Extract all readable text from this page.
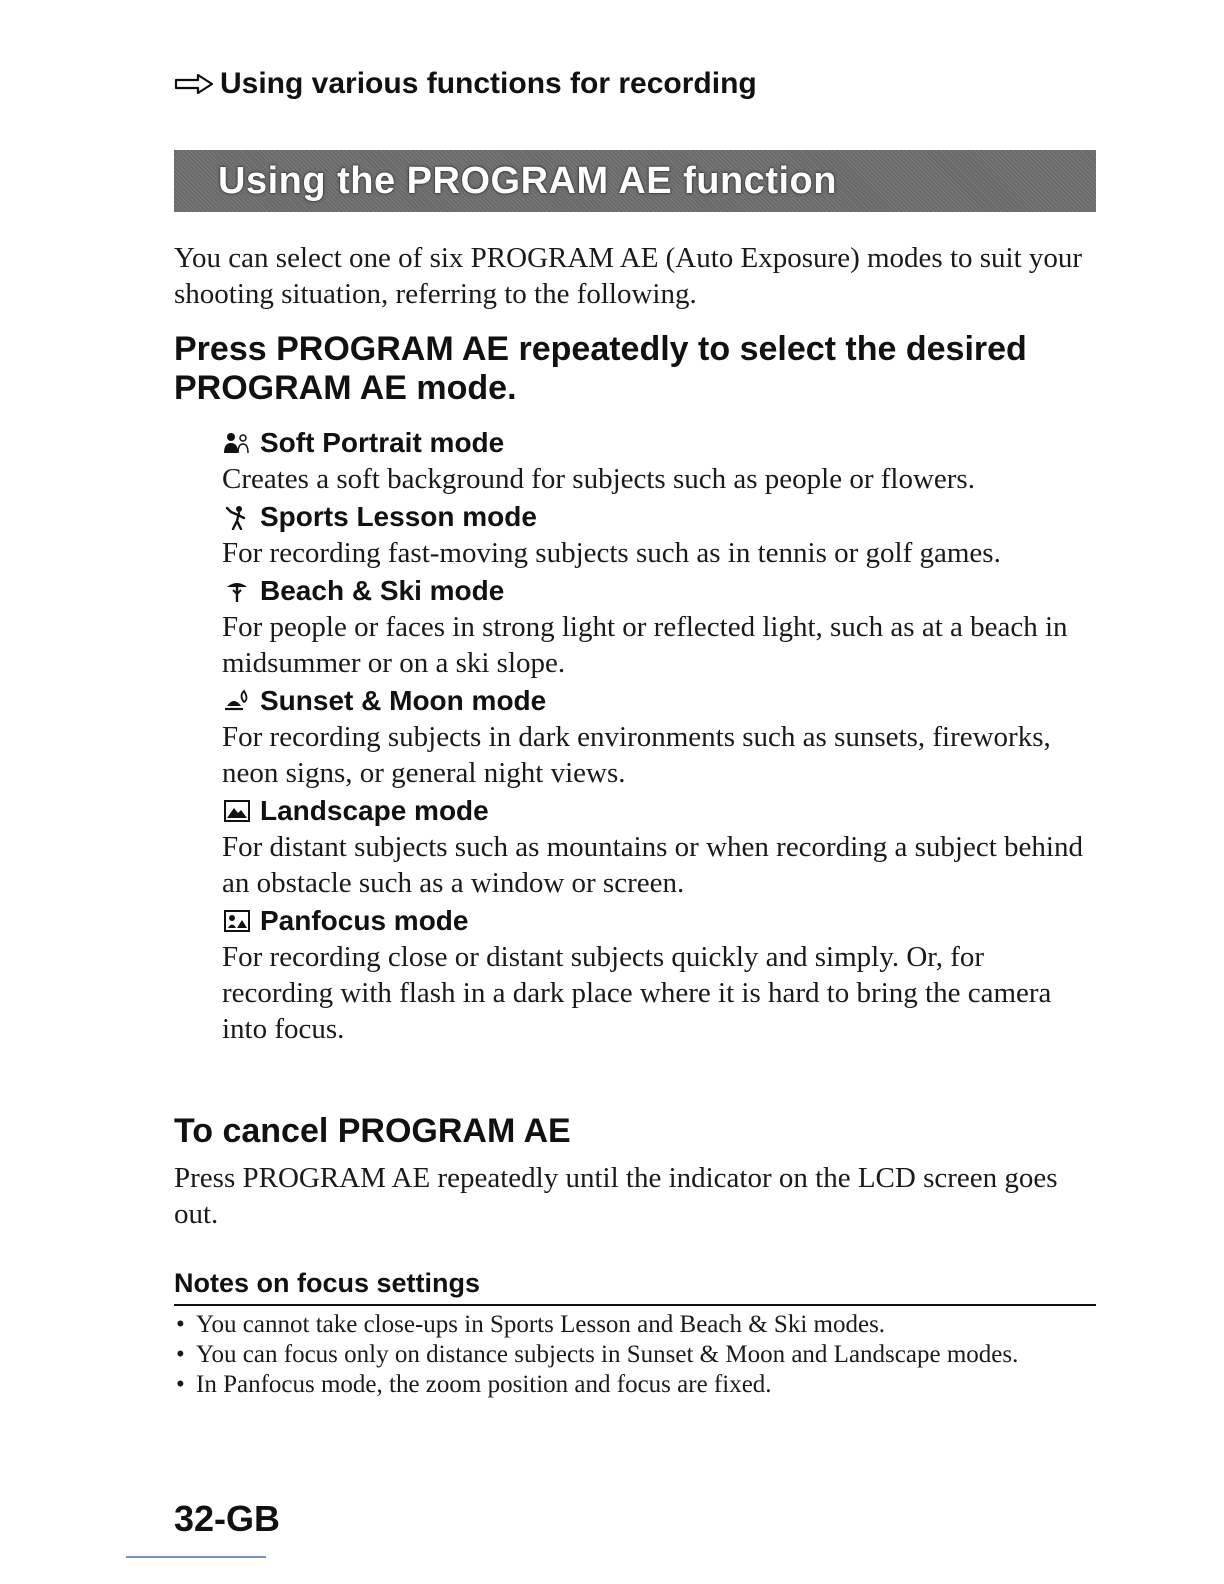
Using various functions for recording
Using the PROGRAM AE function

You can select one of six PROGRAM AE (Auto Exposure) modes to suit your shooting situation, referring to the following.

Press PROGRAM AE repeatedly to select the desired PROGRAM AE mode.

Soft Portrait mode

Creates a soft background for subjects such as people or flowers.

Sports Lesson mode

For recording fast-moving subjects such as in tennis or golf games.

Beach & Ski mode

For people or faces in strong light or reflected light, such as at a beach in midsummer or on a ski slope.

Sunset & Moon mode

For recording subjects in dark environments such as sunsets, fireworks, neon signs, or general night views.

Landscape mode

For distant subjects such as mountains or when recording a subject behind an obstacle such as a window or screen.

Panfocus mode

For recording close or distant subjects quickly and simply. Or, for recording with flash in a dark place where it is hard to bring the camera into focus.

To cancel PROGRAM AE

Press PROGRAM AE repeatedly until the indicator on the LCD screen goes out.

Notes on focus settings
• You cannot take close-ups in Sports Lesson and Beach & Ski modes.
• You can focus only on distance subjects in Sunset & Moon and Landscape modes.
• In Panfocus mode, the zoom position and focus are fixed.
32-GB
